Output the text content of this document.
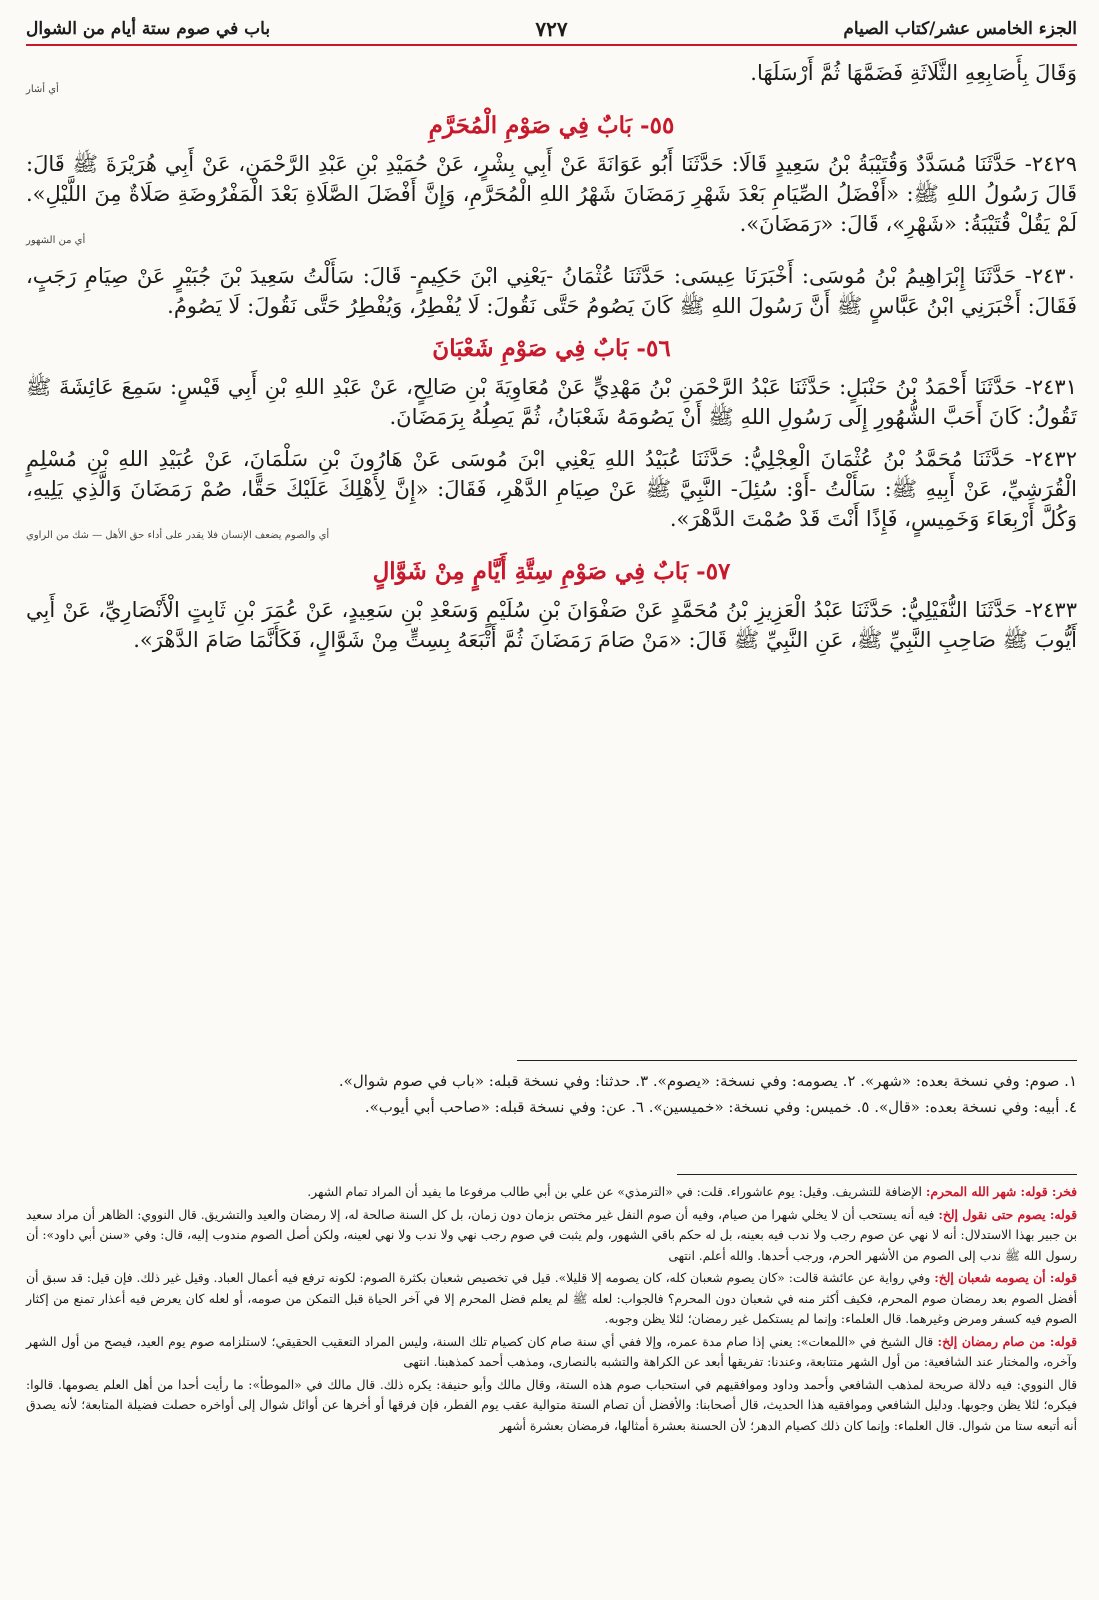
الجزء الخامس عشر/كتاب الصيام
٧٢٧
باب في صوم ستة أيام من الشوال
وَقَالَ بِأَصَابِعِهِ الثَّلَاثَةِ فَضَمَّهَا ثُمَّ أَرْسَلَهَا.
أي أشار
٥٥- بَابٌ فِي صَوْمِ الْمُحَرَّمِ
٢٤٢٩- حَدَّثَنَا مُسَدَّدٌ وَقُتَيْبَةُ بْنُ سَعِيدٍ قَالَا: حَدَّثَنَا أَبُو عَوَانَةَ عَنْ أَبِي بِشْرٍ، عَنْ حُمَيْدِ بْنِ عَبْدِ الرَّحْمَنِ، عَنْ أَبِي هُرَيْرَةَ ﷺ قَالَ: قَالَ رَسُولُ اللهِ ﷺ: «أَفْضَلُ الصِّيَامِ بَعْدَ شَهْرِ رَمَضَانَ شَهْرُ اللهِ الْمُحَرَّمِ، وَإِنَّ أَفْضَلَ الصَّلَاةِ بَعْدَ الْمَفْرُوضَةِ صَلَاةٌ مِنَ اللَّيْلِ». لَمْ يَقُلْ قُتَيْبَةُ: «شَهْرِ»، قَالَ: «رَمَضَانَ».
أي من الشهور
٢٤٣٠- حَدَّثَنَا إِبْرَاهِيمُ بْنُ مُوسَى: أَخْبَرَنَا عِيسَى: حَدَّثَنَا عُثْمَانُ -يَعْنِي ابْنَ حَكِيمٍ- قَالَ: سَأَلْتُ سَعِيدَ بْنَ جُبَيْرٍ عَنْ صِيَامِ رَجَبٍ، فَقَالَ: أَخْبَرَنِي ابْنُ عَبَّاسٍ ﷺ أَنَّ رَسُولَ اللهِ ﷺ كَانَ يَصُومُ حَتَّى نَقُولَ: لَا يُفْطِرُ، وَيُفْطِرُ حَتَّى نَقُولَ: لَا يَصُومُ.
٥٦- بَابٌ فِي صَوْمِ شَعْبَانَ
٢٤٣١- حَدَّثَنَا أَحْمَدُ بْنُ حَنْبَلٍ: حَدَّثَنَا عَبْدُ الرَّحْمَنِ بْنُ مَهْدِيٍّ عَنْ مُعَاوِيَةَ بْنِ صَالِحٍ، عَنْ عَبْدِ اللهِ بْنِ أَبِي قَيْسٍ: سَمِعَ عَائِشَةَ ﷺ تَقُولُ: كَانَ أَحَبَّ الشُّهُورِ إِلَى رَسُولِ اللهِ ﷺ أَنْ يَصُومَهُ شَعْبَانُ، ثُمَّ يَصِلُهُ بِرَمَضَانَ.
٢٤٣٢- حَدَّثَنَا مُحَمَّدُ بْنُ عُثْمَانَ الْعِجْلِيُّ: حَدَّثَنَا عُبَيْدُ اللهِ يَعْنِي ابْنَ مُوسَى عَنْ هَارُونَ بْنِ سَلْمَانَ، عَنْ عُبَيْدِ اللهِ بْنِ مُسْلِمٍ الْقُرَشِيِّ، عَنْ أَبِيهِ ﷺ: سَأَلْتُ -أَوْ: سُئِلَ- النَّبِيَّ ﷺ عَنْ صِيَامِ الدَّهْرِ، فَقَالَ: «إِنَّ لِأَهْلِكَ عَلَيْكَ حَقًّا، صُمْ رَمَضَانَ وَالَّذِي يَلِيهِ، وَكُلَّ أَرْبِعَاءَ وَخَمِيسٍ، فَإِذًا أَنْتَ قَدْ صُمْتَ الدَّهْرَ».
أي والصوم يضعف الإنسان فلا يقدر على أداء حق الأهل — شك من الراوي
٥٧- بَابٌ فِي صَوْمِ سِتَّةِ أَيَّامٍ مِنْ شَوَّالٍ
٢٤٣٣- حَدَّثَنَا النُّفَيْلِيُّ: حَدَّثَنَا عَبْدُ الْعَزِيزِ بْنُ مُحَمَّدٍ عَنْ صَفْوَانَ بْنِ سُلَيْمٍ وَسَعْدِ بْنِ سَعِيدٍ، عَنْ عُمَرَ بْنِ ثَابِتٍ الْأَنْصَارِيِّ، عَنْ أَبِي أَيُّوبَ ﷺ صَاحِبِ النَّبِيِّ ﷺ، عَنِ النَّبِيِّ ﷺ قَالَ: «مَنْ صَامَ رَمَضَانَ ثُمَّ أَتْبَعَهُ بِسِتٍّ مِنْ شَوَّالٍ، فَكَأَنَّمَا صَامَ الدَّهْرَ».
١. صوم: وفي نسخة بعده: «شهر». ٢. يصومه: وفي نسخة: «يصوم». ٣. حدثنا: وفي نسخة قبله: «باب في صوم شوال».
٤. أبيه: وفي نسخة بعده: «قال». ٥. خميس: وفي نسخة: «خميسين». ٦. عن: وفي نسخة قبله: «صاحب أبي أيوب».

فخر: قوله: شهر الله المحرم: الإضافة للتشريف. وقيل: يوم عاشوراء. قلت: في «الترمذي» عن علي بن أبي طالب مرفوعا ما يفيد أن المراد تمام الشهر.

قوله: يصوم حتى نقول إلخ: فيه أنه يستحب أن لا يخلي شهرا من صيام، وفيه أن صوم النفل غير مختص بزمان دون زمان، بل كل السنة صالحة له، إلا رمضان والعيد والتشريق. قال النووي: الظاهر أن مراد سعيد بن جبير بهذا الاستدلال: أنه لا نهي عن صوم رجب ولا ندب فيه بعينه، بل له حكم باقي الشهور، ولم يثبت في صوم رجب نهي ولا ندب ولا نهي لعينه، ولكن أصل الصوم مندوب إليه، قال: وفي «سنن أبي داود»: أن رسول الله ﷺ ندب إلى الصوم من الأشهر الحرم، ورجب أحدها. والله أعلم. انتهى

قوله: أن يصومه شعبان إلخ: وفي رواية عن عائشة قالت: «كان يصوم شعبان كله، كان يصومه إلا قليلا». قيل في تخصيص شعبان بكثرة الصوم: لكونه ترفع فيه أعمال العباد. وقيل غير ذلك. فإن قيل: قد سبق أن أفضل الصوم بعد رمضان صوم المحرم، فكيف أكثر منه في شعبان دون المحرم؟ فالجواب: لعله ﷺ لم يعلم فضل المحرم إلا في آخر الحياة قبل التمكن من صومه، أو لعله كان يعرض فيه أعذار تمنع من إكثار الصوم فيه كسفر ومرض وغيرهما. قال العلماء: وإنما لم يستكمل غير رمضان؛ لئلا يظن وجوبه.

قوله: من صام رمضان إلخ: قال الشيخ في «اللمعات»: يعني إذا صام مدة عمره، وإلا ففي أي سنة صام كان كصيام تلك السنة، وليس المراد التعقيب الحقيقي؛ لاستلزامه صوم يوم العيد، فيصح من أول الشهر وآخره، والمختار عند الشافعية: من أول الشهر متتابعة، وعندنا: تفريقها أبعد عن الكراهة والتشبه بالنصارى، ومذهب أحمد كمذهبنا. انتهى

قال النووي: فيه دلالة صريحة لمذهب الشافعي وأحمد وداود وموافقيهم في استحباب صوم هذه الستة، وقال مالك وأبو حنيفة: يكره ذلك. قال مالك في «الموطأ»: ما رأيت أحدا من أهل العلم يصومها. قالوا: فيكره؛ لئلا يظن وجوبها. ودليل الشافعي وموافقيه هذا الحديث، قال أصحابنا: والأفضل أن تصام الستة متوالية عقب يوم الفطر، فإن فرقها أو أخرها عن أوائل شوال إلى أواخره حصلت فضيلة المتابعة؛ لأنه يصدق أنه أتبعه ستا من شوال. قال العلماء: وإنما كان ذلك كصيام الدهر؛ لأن الحسنة بعشرة أمثالها، فرمضان بعشرة أشهر
